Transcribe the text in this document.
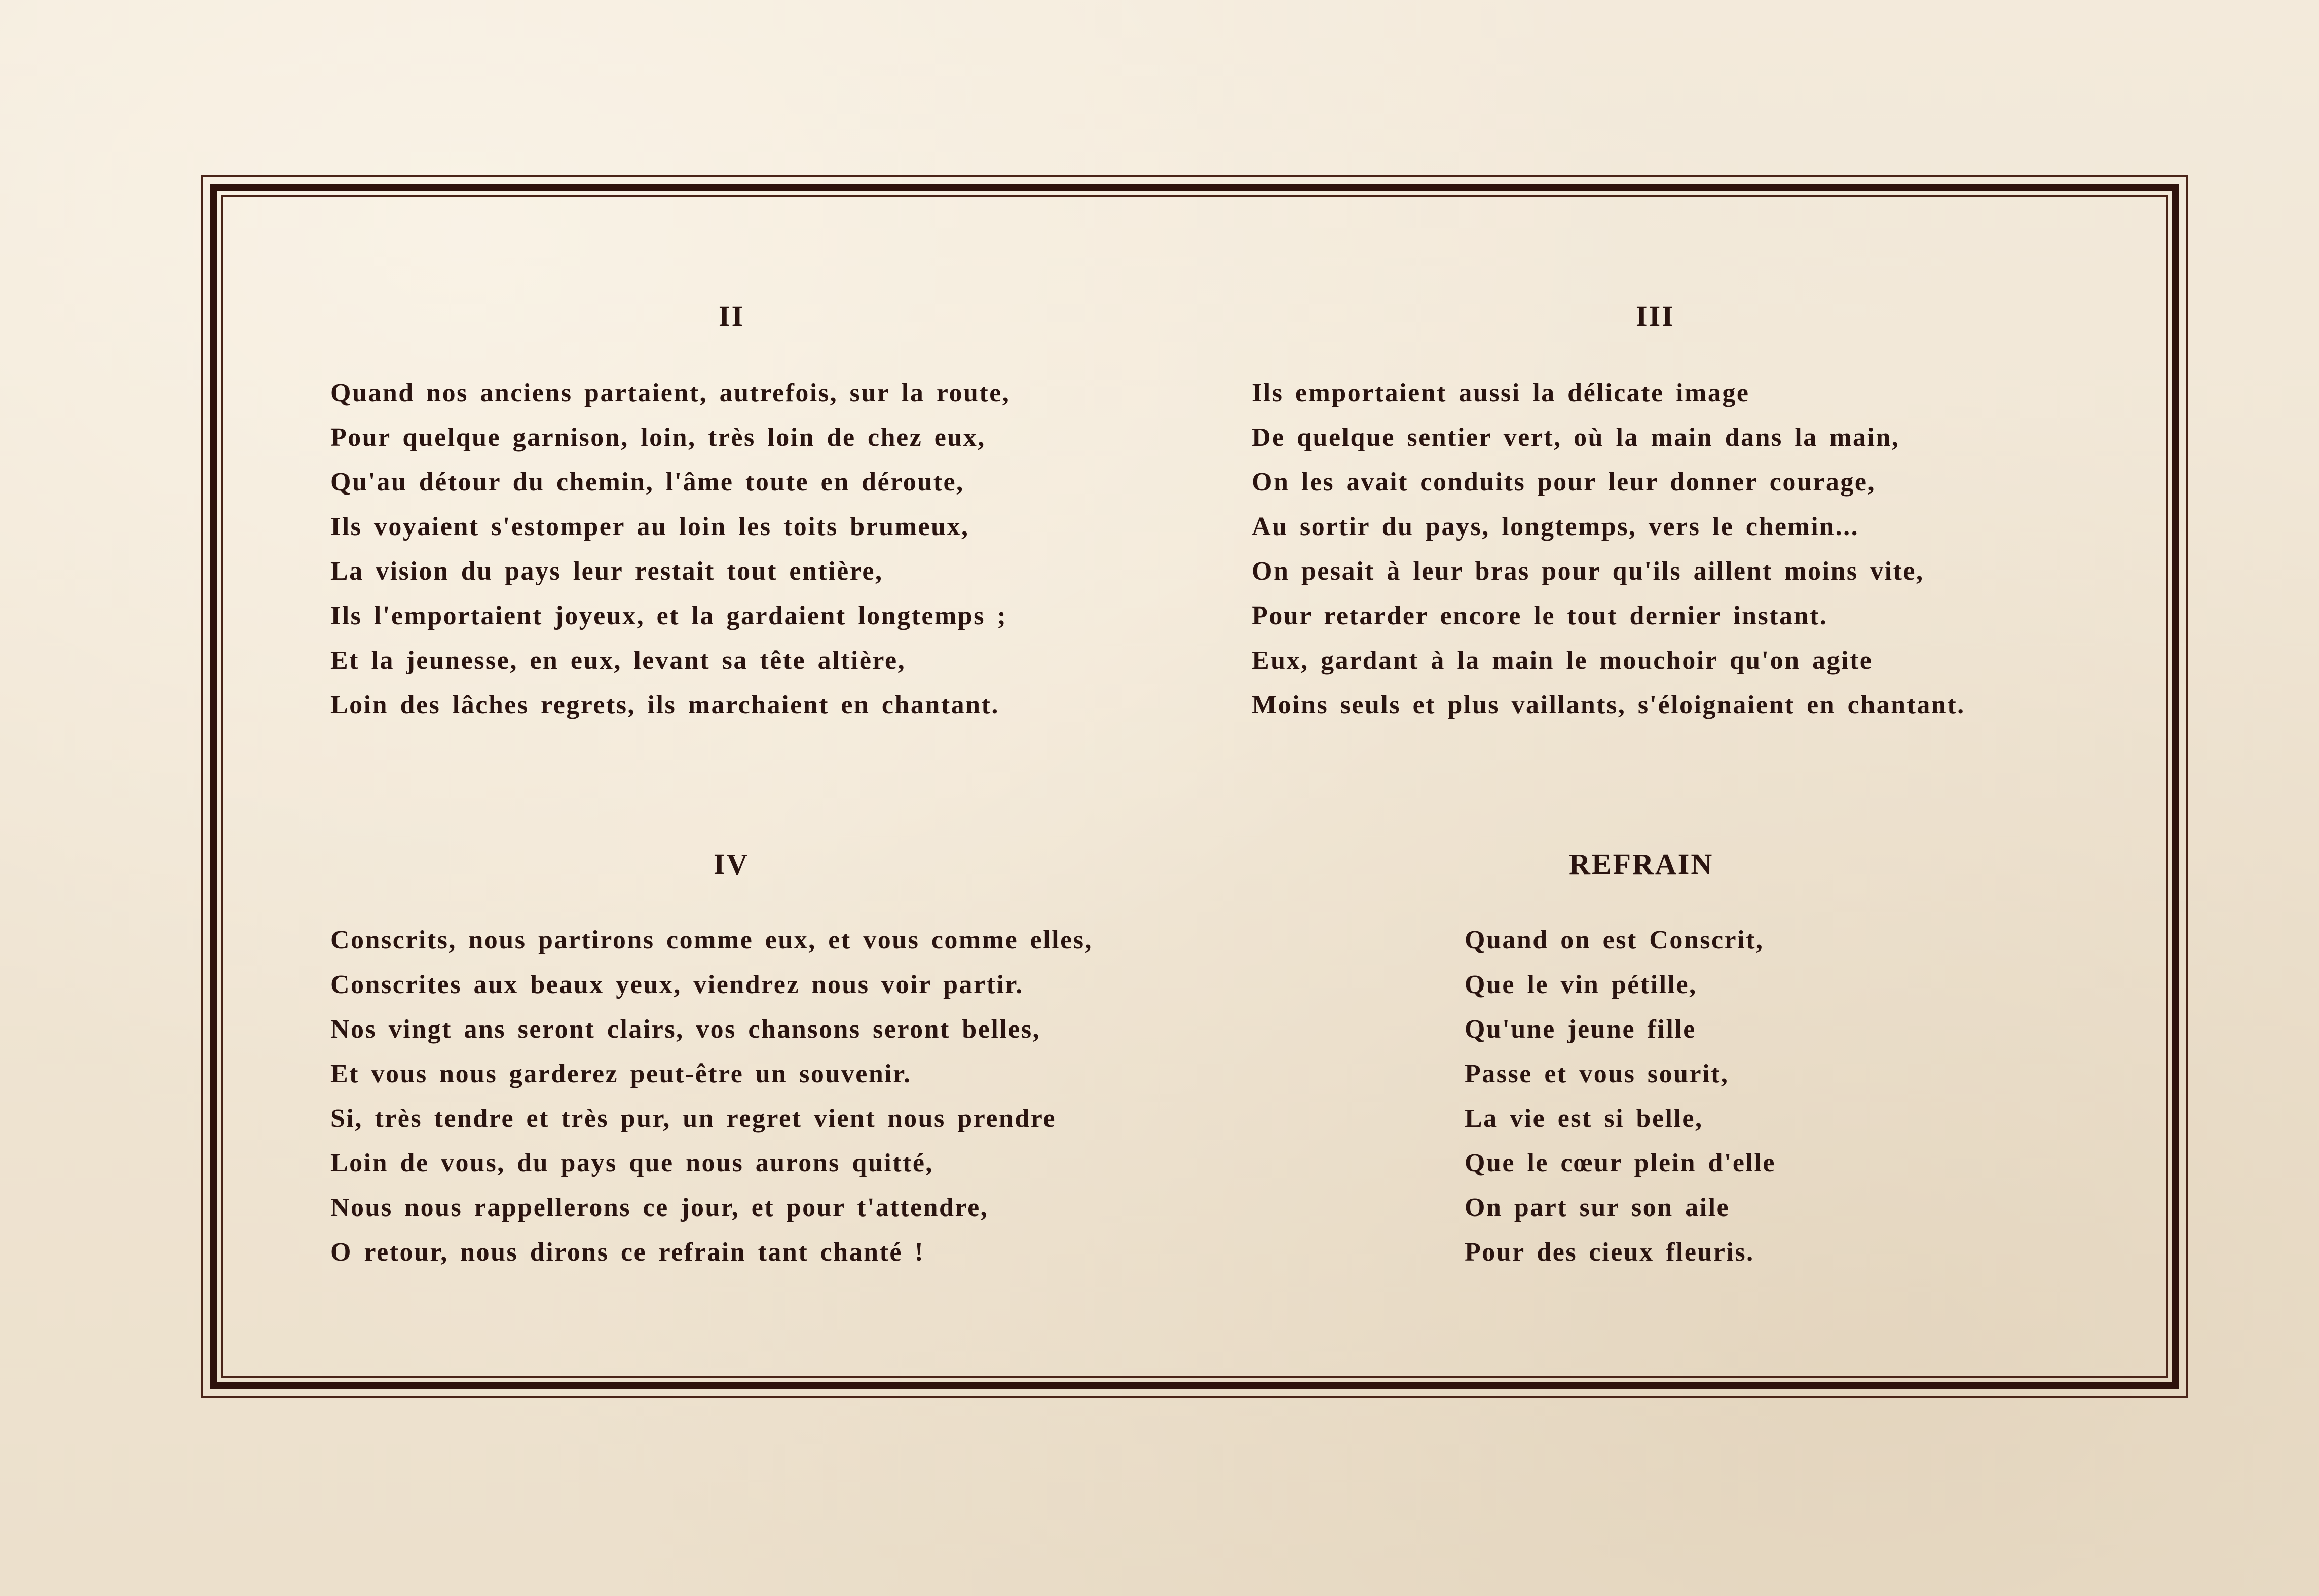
II
Quand nos anciens partaient, autrefois, sur la route,
Pour quelque garnison, loin, très loin de chez eux,
Qu'au détour du chemin, l'âme toute en déroute,
Ils voyaient s'estomper au loin les toits brumeux,
La vision du pays leur restait tout entière,
Ils l'emportaient joyeux, et la gardaient longtemps ;
Et la jeunesse, en eux, levant sa tête altière,
Loin des lâches regrets, ils marchaient en chantant.
III
Ils emportaient aussi la délicate image
De quelque sentier vert, où la main dans la main,
On les avait conduits pour leur donner courage,
Au sortir du pays, longtemps, vers le chemin...
On pesait à leur bras pour qu'ils aillent moins vite,
Pour retarder encore le tout dernier instant.
Eux, gardant à la main le mouchoir qu'on agite
Moins seuls et plus vaillants, s'éloignaient en chantant.
IV
Conscrits, nous partirons comme eux, et vous comme elles,
Conscrites aux beaux yeux, viendrez nous voir partir.
Nos vingt ans seront clairs, vos chansons seront belles,
Et vous nous garderez peut-être un souvenir.
Si, très tendre et très pur, un regret vient nous prendre
Loin de vous, du pays que nous aurons quitté,
Nous nous rappellerons ce jour, et pour t'attendre,
O retour, nous dirons ce refrain tant chanté !
REFRAIN
Quand on est Conscrit,
Que le vin pétille,
Qu'une jeune fille
Passe et vous sourit,
La vie est si belle,
Que le cœur plein d'elle
On part sur son aile
Pour des cieux fleuris.
